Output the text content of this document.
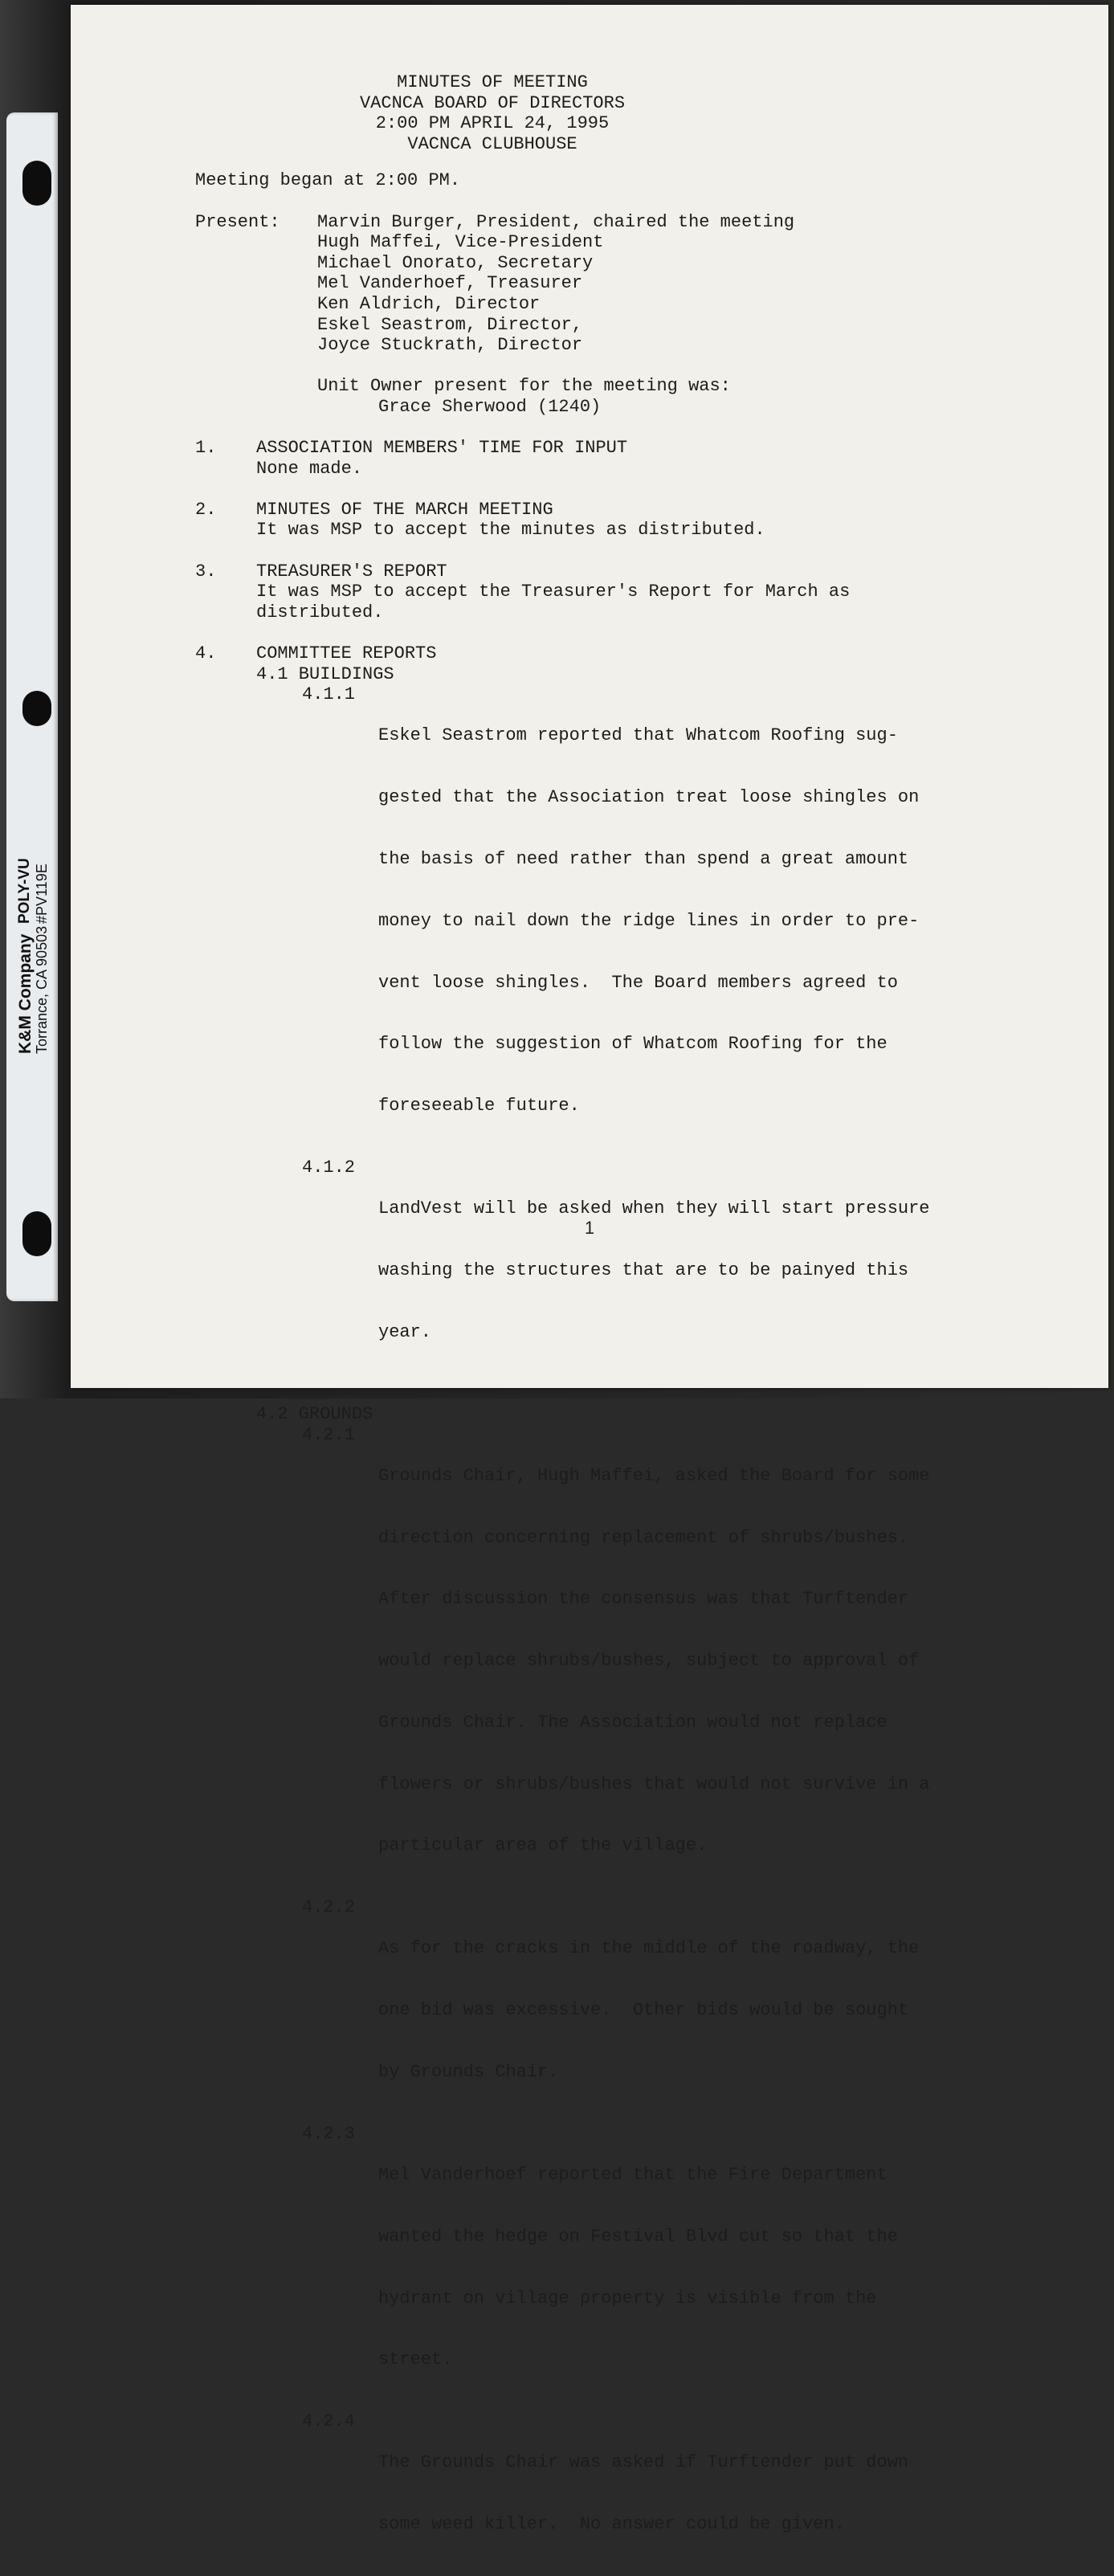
K&M Company Torrance, CA 90503
POLY-VU #PV119E
MINUTES OF MEETING
VACNCA BOARD OF DIRECTORS
2:00 PM APRIL 24, 1995
VACNCA CLUBHOUSE
Meeting began at 2:00 PM.
Present: Marvin Burger, President, chaired the meeting
Hugh Maffei, Vice-President
Michael Onorato, Secretary
Mel Vanderhoef, Treasurer
Ken Aldrich, Director
Eskel Seastrom, Director,
Joyce Stuckrath, Director
Unit Owner present for the meeting was:
Grace Sherwood (1240)
1. ASSOCIATION MEMBERS' TIME FOR INPUT
None made.
2. MINUTES OF THE MARCH MEETING
It was MSP to accept the minutes as distributed.
3. TREASURER'S REPORT
It was MSP to accept the Treasurer's Report for March as
distributed.
4. COMMITTEE REPORTS
4.1 BUILDINGS
4.1.1

Eskel Seastrom reported that Whatcom Roofing sug-

gested that the Association treat loose shingles on

the basis of need rather than spend a great amount

money to nail down the ridge lines in order to pre-

vent loose shingles.  The Board members agreed to

follow the suggestion of Whatcom Roofing for the

foreseeable future.

4.1.2

LandVest will be asked when they will start pressure

washing the structures that are to be painyed this

year.

4.2 GROUNDS
4.2.1

Grounds Chair, Hugh Maffei, asked the Board for some

direction concerning replacement of shrubs/bushes.

After discussion the consensus was that Turftender

would replace shrubs/bushes, subject to approval of

Grounds Chair. The Association would not replace

flowers or shrubs/bushes that would not survive in a

particular area of the village.

4.2.2

As for the cracks in the middle of the roadway, the

one bid was excessive.  Other bids would be sought

by Grounds Chair.

4.2.3

Mel Vanderhoef reported that the Fire Department

wanted the hedge on Festival Blvd cut so that the

hydrant on village property is visible from the

street.

4.2.4

The Grounds Chair was asked if Turftender put down

some weed killer.  No answer could be given.

1
